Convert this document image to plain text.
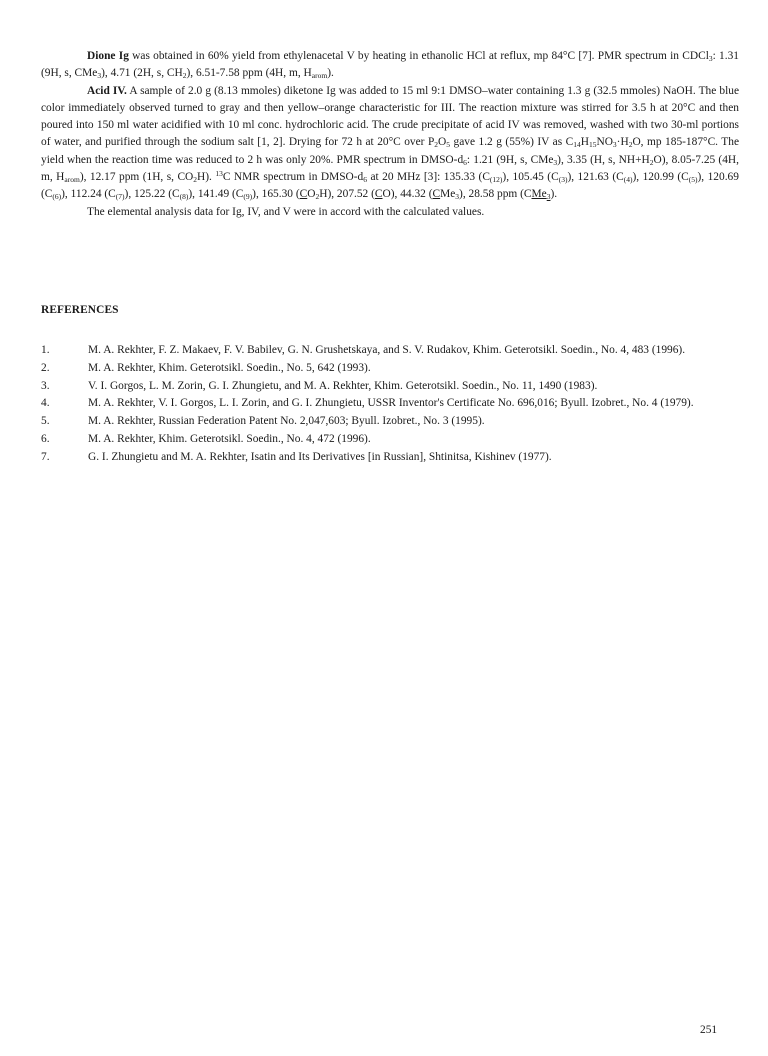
Dione Ig was obtained in 60% yield from ethylenacetal V by heating in ethanolic HCl at reflux, mp 84°C [7]. PMR spectrum in CDCl$_3$: 1.31 (9H, s, CMe$_3$), 4.71 (2H, s, $CH_2$), 6.51-7.58 ppm (4H, m, $H_{arom}$).

Acid IV. A sample of 2.0 g (8.13 mmoles) diketone Ig was added to 15 ml 9:1 DMSO–water containing 1.3 g (32.5 mmoles) NaOH. The blue color immediately observed turned to gray and then yellow–orange characteristic for III. The reaction mixture was stirred for 3.5 h at 20°C and then poured into 150 ml water acidified with 10 ml conc. hydrochloric acid. The crude precipitate of acid IV was removed, washed with two 30-ml portions of water, and purified through the sodium salt [1, 2]. Drying for 72 h at 20°C over $P_2O_5$ gave 1.2 g (55%) IV as $C_{14}H_{15}NO_3\cdot H_2O$, mp 185-187°C. The yield when the reaction time was reduced to 2 h was only 20%. PMR spectrum in DMSO-$d_6$: 1.21 (9H, s, CMe$_3$), 3.35 (H, s, $NH+H_2O$), 8.05-7.25 (4H, m, $H_{arom}$), 12.17 ppm (1H, s, $CO_2H$). $^{13}$C NMR spectrum in DMSO-$d_6$ at 20 MHz [3]: 135.33 $(C_{(12)})$, 105.45 $(C_{(3)})$, 121.63 $(C_{(4)})$, 120.99 $(C_{(5)})$, 120.69 $(C_{(6)})$, 112.24 $(C_{(7)})$, 125.22 $(C_{(8)})$, 141.49 $(C_{(9)})$, 165.30 $(CO_2H)$, 207.52 (CO), 44.32 (CMe$_3$), 28.58 ppm (CMe$_3$).

The elemental analysis data for Ig, IV, and V were in accord with the calculated values.

REFERENCES
1.	M. A. Rekhter, F. Z. Makaev, F. V. Babilev, G. N. Grushetskaya, and S. V. Rudakov, Khim. Geterotsikl. Soedin., No. 4, 483 (1996).
2.	M. A. Rekhter, Khim. Geterotsikl. Soedin., No. 5, 642 (1993).
3.	V. I. Gorgos, L. M. Zorin, G. I. Zhungietu, and M. A. Rekhter, Khim. Geterotsikl. Soedin., No. 11, 1490 (1983).
4.	M. A. Rekhter, V. I. Gorgos, L. I. Zorin, and G. I. Zhungietu, USSR Inventor's Certificate No. 696,016; Byull. Izobret., No. 4 (1979).
5.	M. A. Rekhter, Russian Federation Patent No. 2,047,603; Byull. Izobret., No. 3 (1995).
6.	M. A. Rekhter, Khim. Geterotsikl. Soedin., No. 4, 472 (1996).
7.	G. I. Zhungietu and M. A. Rekhter, Isatin and Its Derivatives [in Russian], Shtinitsa, Kishinev (1977).
251
